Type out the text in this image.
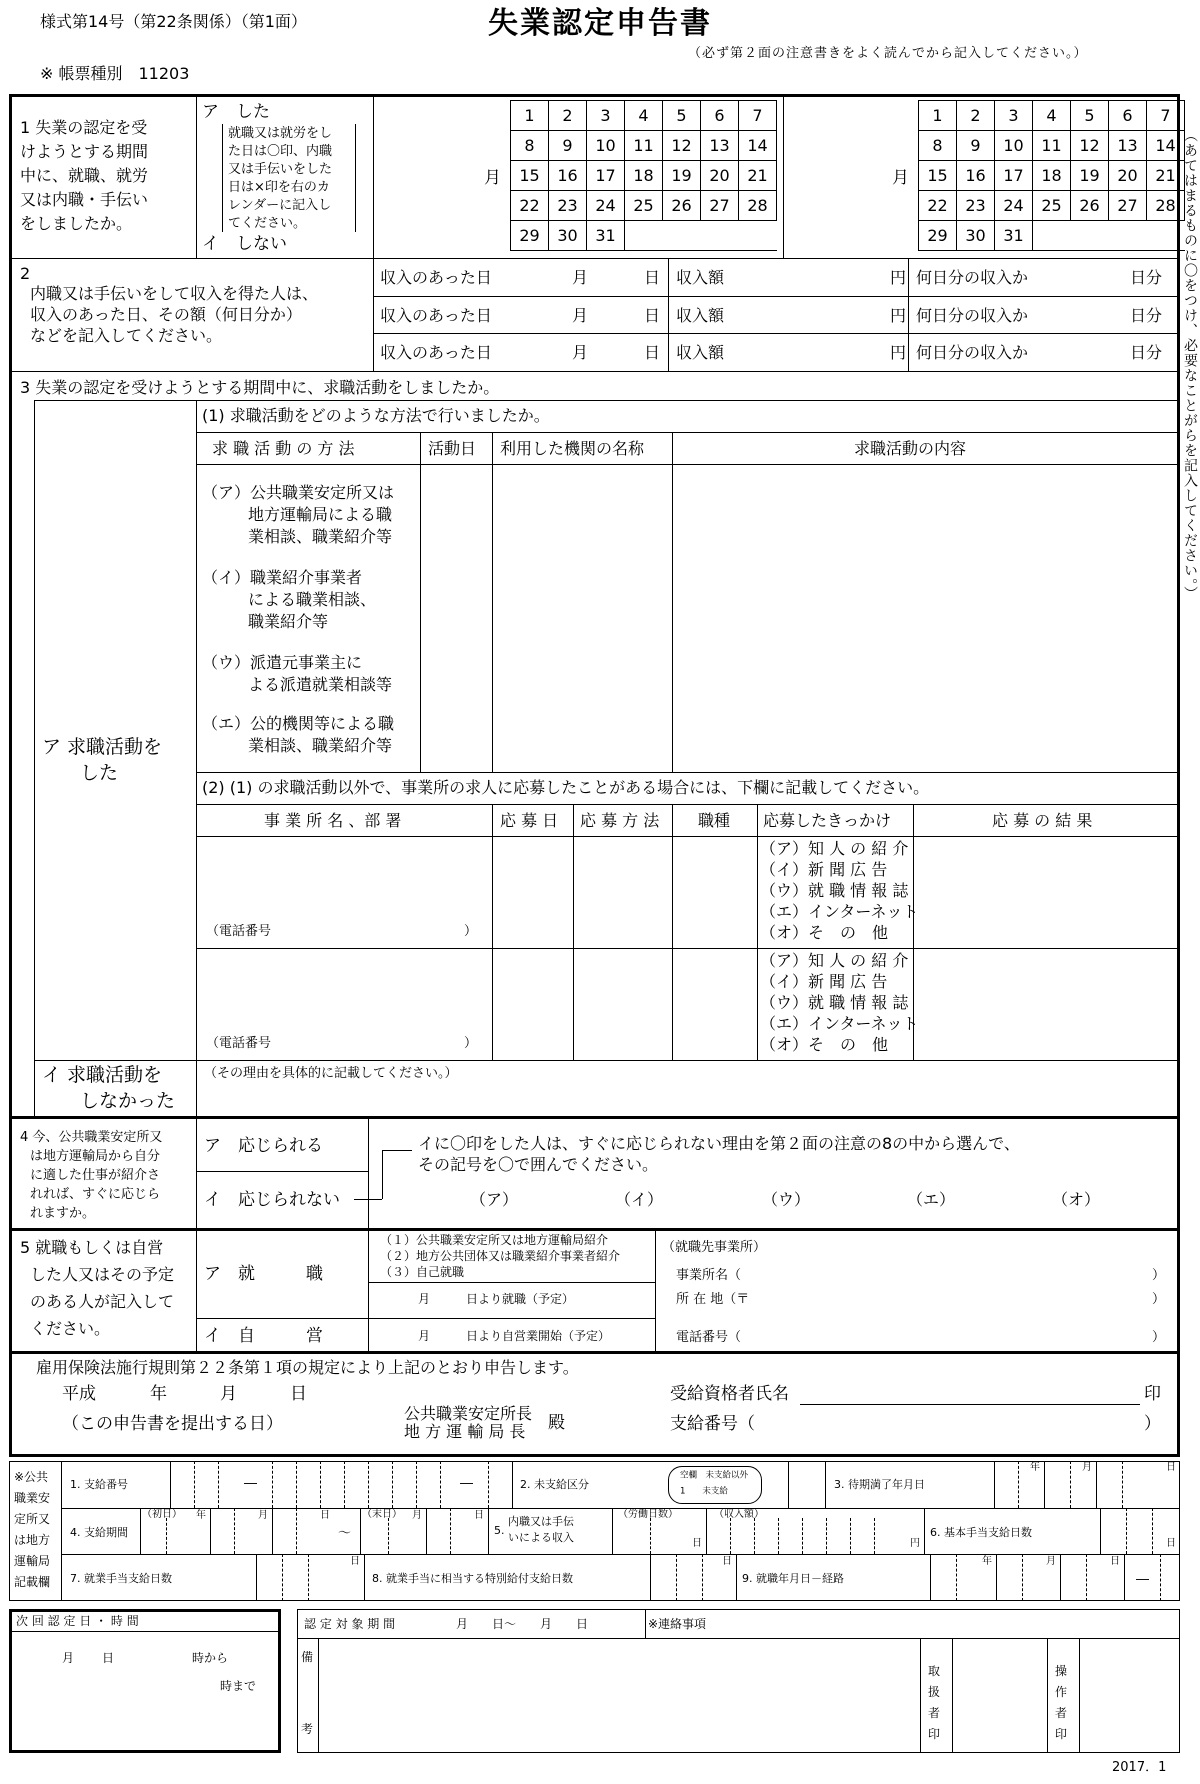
様式第14号（第22条関係）（第1面）	失業認定申告書
（必ず第２面の注意書きをよく読んでから記入してください。）
※ 帳票種別　11203
（あてはまるものに〇をつけ、必要なことがらを記入してください。）
1 失業の認定を受
けようとする期間
中に、就職、就労
又は内職・手伝い
をしましたか。
ア　した
就職又は就労をし
た日は〇印、内職
又は手伝いをした
日は×印を右のカ
レンダーに記入し
てください。
イ　しない
月
1	2	3	4	5	6	7
8	9	10	11	12	13	14
15	16	17	18	19	20	21
22	23	24	25	26	27	28
29	30	31				
月
1	2	3	4	5	6	7
8	9	10	11	12	13	14
15	16	17	18	19	20	21
22	23	24	25	26	27	28
29	30	31				
2
内職又は手伝いをして収入を得た人は、
収入のあった日、その額（何日分か）
などを記入してください。
収入のあった日	月	日 収入額	円 何日分の収入か	日分
収入のあった日	月	日 収入額	円 何日分の収入か	日分
収入のあった日	月	日 収入額	円 何日分の収入か	日分
3 失業の認定を受けようとする期間中に、求職活動をしましたか。
(1) 求職活動をどのような方法で行いましたか。
求 職 活 動 の 方 法	活動日 利用した機関の名称	求職活動の内容
（ア）公共職業安定所又は
地方運輸局による職
業相談、職業紹介等
（イ）職業紹介事業者
による職業相談、
職業紹介等
（ウ）派遣元事業主に
よる派遣就業相談等
（エ）公的機関等による職
業相談、職業紹介等
ア 求職活動を
した
(2) (1) の求職活動以外で、事業所の求人に応募したことがある場合には、下欄に記載してください。
事 業 所 名 、部 署	応 募 日 応 募 方 法 職種 応募したきっかけ	応 募 の 結 果
（電話番号	）
（ア）知 人 の 紹 介
（イ）新 聞 広 告
（ウ）就 職 情 報 誌
（エ）インターネット
（オ）そ　の　他
（電話番号	）
（ア）知 人 の 紹 介
（イ）新 聞 広 告
（ウ）就 職 情 報 誌
（エ）インターネット
（オ）そ　の　他
イ 求職活動を
しなかった
（その理由を具体的に記載してください。）
4 今、公共職業安定所又
は地方運輸局から自分
に適した仕事が紹介さ
れれば、すぐに応じら
れますか。
ア　応じられる
イ　応じられない
イに〇印をした人は、すぐに応じられない理由を第２面の注意の8の中から選んで、
その記号を〇で囲んでください。
（ア）	（イ）	（ウ）	（エ）	（オ）
5 就職もしくは自営
した人又はその予定
のある人が記入して
ください。
ア　就　　　職
イ　自　　　営
（１）公共職業安定所又は地方運輸局紹介
（２）地方公共団体又は職業紹介事業者紹介
（３）自己就職
月　　　日より就職（予定）
月　　　日より自営業開始（予定）
（就職先事業所）
事業所名（	）
所 在 地（〒	）
電話番号（	）
雇用保険法施行規則第２２条第１項の規定により上記のとおり申告します。
平成	年	月	日
（この申告書を提出する日）
公共職業安定所長
地 方 運 輸 局 長 殿
受給資格者氏名	印
支給番号（	）
※公共
職業安
定所又
は地方
運輸局
記載欄
1. 支給番号	―	―	2. 未支給区分
空欄　未支給以外
1　　未支給
3. 待期満了年月日
年	月	日
4. 支給期間
（初日） 年	月	日
～
（末日） 月	日
5.
内職又は手伝
いによる収入
（労働日数）
日
（収入額）
円
6. 基本手当支給日数
日
7. 就業手当支給日数
日
8. 就業手当に相当する特別給付支給日数
日
9. 就職年月日－経路
年	月	日
―
次 回 認 定 日 ・ 時 間
月 日	時から
時まで
認 定 対 象 期 間	月　　日～　　月　　日	※連絡事項
備
考
取
扱
者
印
操
作
者
印
2017．1
